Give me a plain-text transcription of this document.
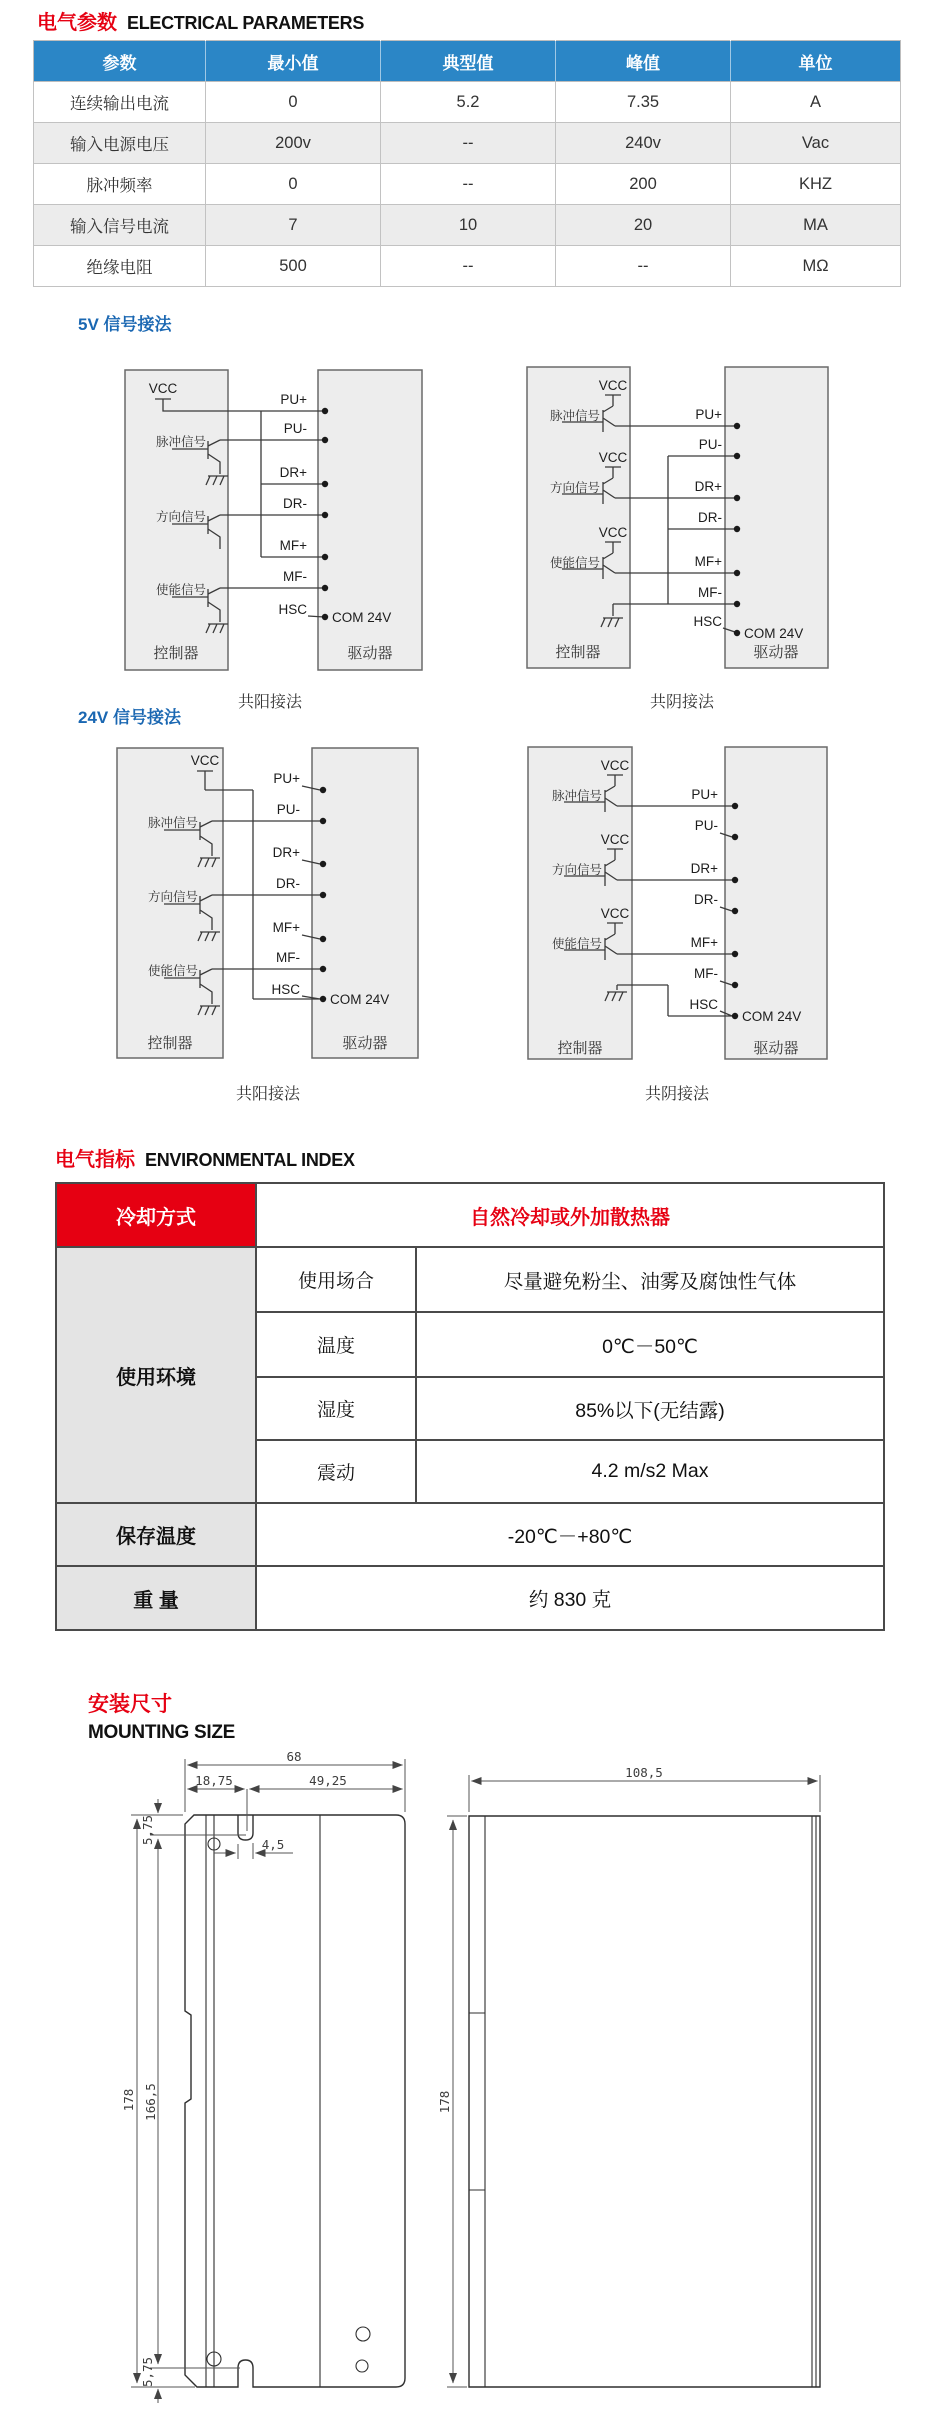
电气参数 ELECTRICAL PARAMETERS
参数	最小值	典型值	峰值	单位
连续输出电流	0	5.2	7.35	A
输入电源电压	200v	--	240v	Vac
脉冲频率	0	--	200	KHZ
输入信号电流	7	10	20	MA
绝缘电阻	500	--	--	MΩ
5V 信号接法
VCC
脉冲信号
方向信号
使能信号
PU+
PU-
DR+
DR-
MF+
MF-
HSC
COM 24V
控制器	驱动器
VCC
VCC
VCC
脉冲信号
方向信号
使能信号
PU+
PU-
DR+
DR-
MF+
MF-
HSC
COM 24V
控制器	驱动器
共阳接法	共阴接法
24V 信号接法
VCC
脉冲信号
方向信号
使能信号
PU+
PU-
DR+
DR-
MF+
MF-
HSC
COM 24V
控制器	驱动器
VCC
VCC
VCC
脉冲信号
方向信号
使能信号
PU+
PU-
DR+
DR-
MF+
MF-
HSC
COM 24V
控制器	驱动器
共阳接法	共阴接法
电气指标 ENVIRONMENTAL INDEX
冷却方式	自然冷却或外加散热器	
使用环境	使用场合	尽量避免粉尘、油雾及腐蚀性气体
	温度	0℃－50℃
	湿度	85%以下(无结露)
	震动	4.2 m/s2 Max
保存温度	-20℃－+80℃	
重 量	约 830 克	
安装尺寸
MOUNTING SIZE
68
18,75	49,25
4,5
178 166,5
5,75
5,75
108,5
178
